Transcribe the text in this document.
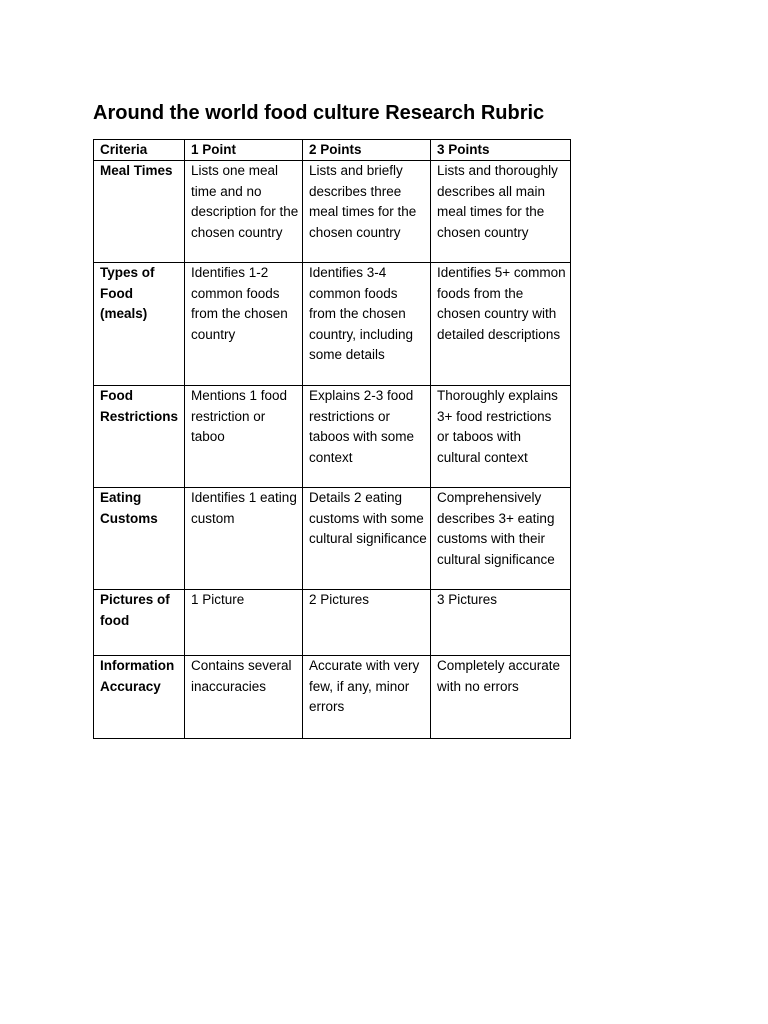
Around the world food culture Research Rubric
Criteria	1 Point	2 Points	3 Points
Meal Times	Lists one meal time and no description for the chosen country	Lists and briefly describes three meal times for the chosen country	Lists and thoroughly describes all main meal times for the chosen country
Types of Food (meals)	Identifies 1-2 common foods from the chosen country	Identifies 3-4 common foods from the chosen country, including some details	Identifies 5+ common foods from the chosen country with detailed descriptions
Food Restrictions	Mentions 1 food restriction or taboo	Explains 2-3 food restrictions or taboos with some context	Thoroughly explains 3+ food restrictions or taboos with cultural context
Eating Customs	Identifies 1 eating custom	Details 2 eating customs with some cultural significance	Comprehensively describes 3+ eating customs with their cultural significance
Pictures of food	1 Picture	2 Pictures	3 Pictures
Information Accuracy	Contains several inaccuracies	Accurate with very few, if any, minor errors	Completely accurate with no errors
